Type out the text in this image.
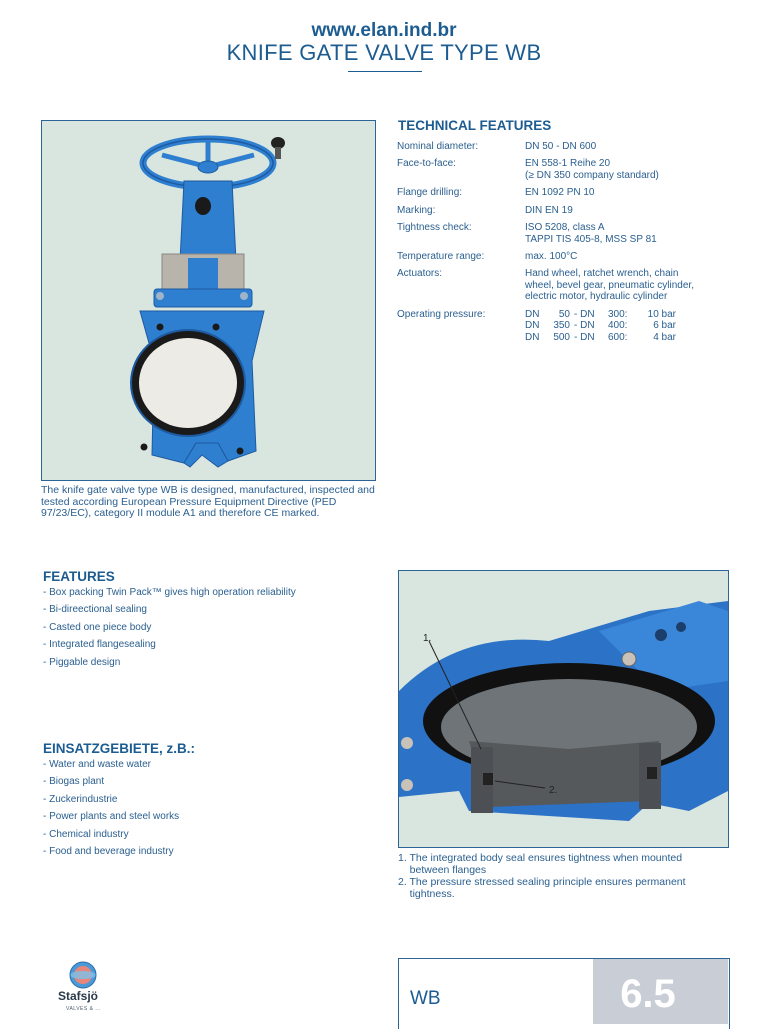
www.elan.ind.br
KNIFE GATE VALVE TYPE WB
The knife gate valve type WB is designed, manufactured, inspected and tested according European Pressure Equipment Directive (PED 97/23/EC), category II module A1 and therefore CE marked.
TECHNICAL FEATURES
Nominal diameter:	DN 50 - DN 600
Face-to-face:	EN 558-1 Reihe 20
(≥ DN 350 company standard)
Flange drilling:	EN 1092 PN 10
Marking:	DIN EN 19
Tightness check:	ISO 5208, class A
TAPPI TIS 405-8, MSS SP 81
Temperature range:	max. 100°C
Actuators:	Hand wheel, ratchet wrench, chain
wheel, bevel gear, pneumatic cylinder,
electric motor, hydraulic cylinder
Operating pressure:	DN	50 - DN 300:	10 bar
DN	350 - DN 400:	6 bar
DN	500 - DN 600:	4 bar
FEATURES
- Box packing Twin Pack™ gives high operation reliability
- Bi-direectional sealing
- Casted one piece body
- Integrated flangesealing
- Piggable design
EINSATZGEBIETE, z.B.:
- Water and waste water
- Biogas plant
- Zuckerindustrie
- Power plants and steel works
- Chemical industry
- Food and beverage industry
1.
2.
1. The integrated body seal ensures tightness when mounted
between flanges
2. The pressure stressed sealing principle ensures permanent
tightness.
Stafsjö
VALVES & ...	WB	6.5
